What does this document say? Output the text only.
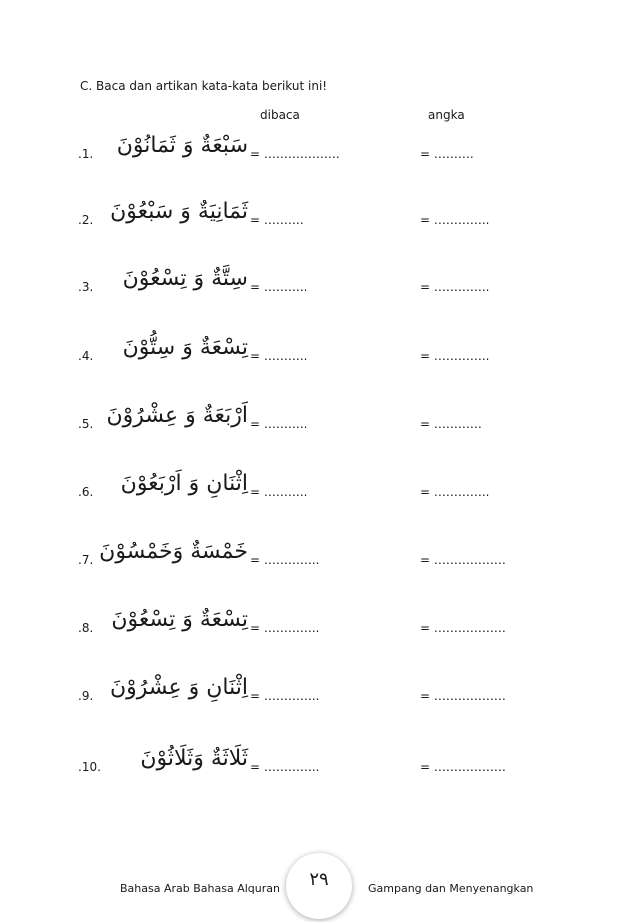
C. Baca dan artikan kata-kata berikut ini!
dibaca	angka
.1. سَبْعَةٌ وَ ثَمَانُوْنَ = ……………….	= ……….
.2. ثَمَانِيَةٌ وَ سَبْعُوْنَ = ……….	= …………..
.3. سِتَّةٌ وَ تِسْعُوْنَ = ………..	= …………..
.4. تِسْعَةٌ وَ سِتُّوْنَ = ………..	= …………..
.5. اَرْبَعَةٌ وَ عِشْرُوْنَ = ………..	= …………
.6. اِثْنَانِ وَ اَرْبَعُوْنَ = ………..	= …………..
.7. خَمْسَةٌ وَخَمْسُوْنَ = …………..	= ………………
.8. تِسْعَةٌ وَ تِسْعُوْنَ = …………..	= ………………
.9. اِثْنَانِ وَ عِشْرُوْنَ = …………..	= ………………
.10. ثَلَاثَةٌ وَثَلَاثُوْنَ = …………..	= ………………
Bahasa Arab Bahasa Alquran ٢٩	Gampang dan Menyenangkan
